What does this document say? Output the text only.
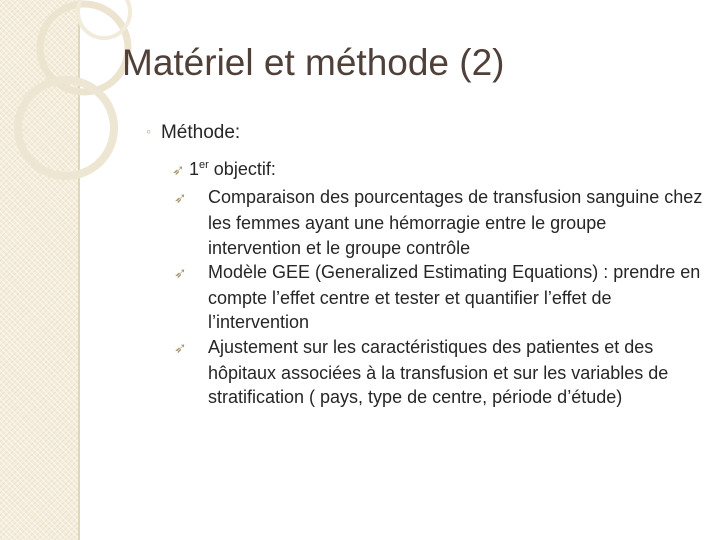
Matériel et méthode (2)
◦ Méthode:
➶ 1er objectif:

➶ Comparaison des pourcentages de transfusion sanguine chez les femmes ayant une hémorragie entre le groupe intervention et le groupe contrôle

➶ Modèle GEE (Generalized Estimating Equations) : prendre en compte l’effet centre et tester et quantifier l’effet de l’intervention

➶ Ajustement sur les caractéristiques des patientes et des hôpitaux associées à la transfusion et sur les variables de stratification ( pays, type de centre, période d’étude)
